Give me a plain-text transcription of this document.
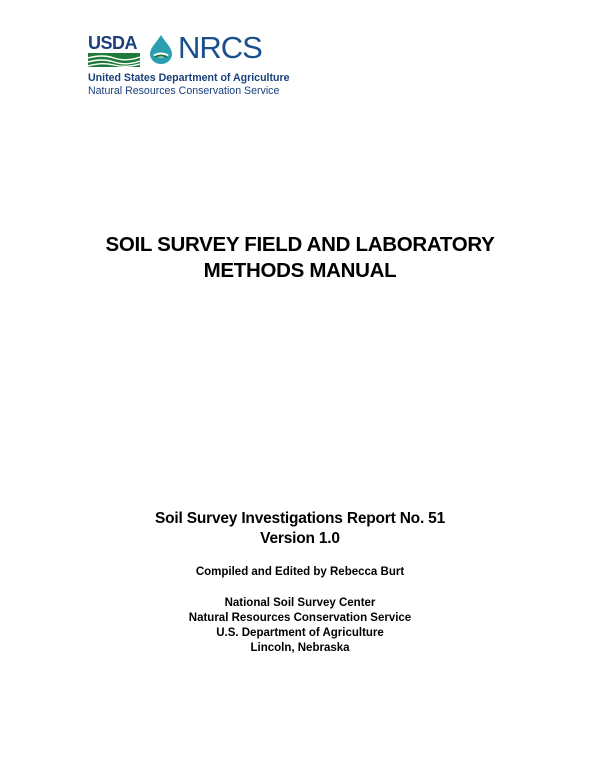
USDA NRCS
United States Department of Agriculture
Natural Resources Conservation Service
SOIL SURVEY FIELD AND LABORATORY
METHODS MANUAL
Soil Survey Investigations Report No. 51
Version 1.0
Compiled and Edited by Rebecca Burt
National Soil Survey Center
Natural Resources Conservation Service
U.S. Department of Agriculture
Lincoln, Nebraska
